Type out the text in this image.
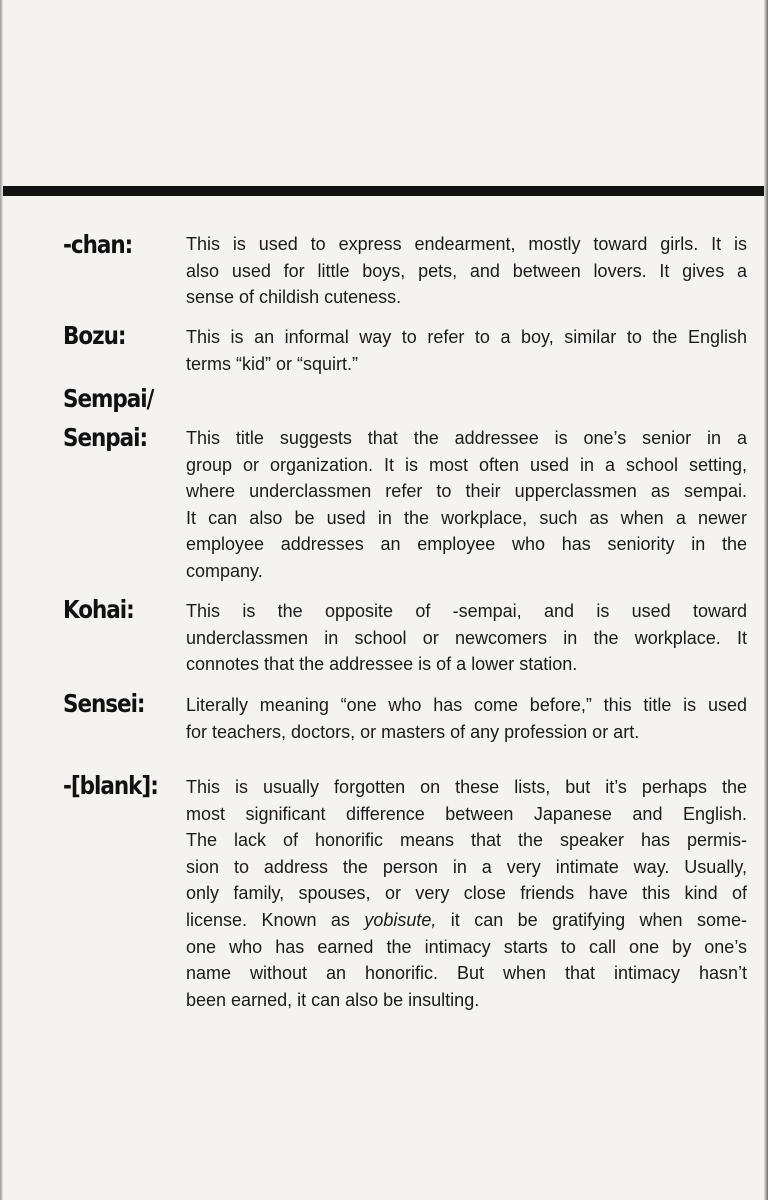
-chan:	This is used to express endearment, mostly toward girls. It is
also used for little boys, pets, and between lovers. It gives a
sense of childish cuteness.
Bozu:	This is an informal way to refer to a boy, similar to the English
terms “kid” or “squirt.”
Sempai/
Senpai: This title suggests that the addressee is one’s senior in a
group or organization. It is most often used in a school setting,
where underclassmen refer to their upperclassmen as sempai.
It can also be used in the workplace, such as when a newer
employee addresses an employee who has seniority in the
company.
Kohai:	This is the opposite of -sempai, and is used toward
underclassmen in school or newcomers in the workplace. It
connotes that the addressee is of a lower station.
Sensei: Literally meaning “one who has come before,” this title is used
for teachers, doctors, or masters of any profession or art.
-[blank]: This is usually forgotten on these lists, but it’s perhaps the
most significant difference between Japanese and English.
The lack of honorific means that the speaker has permis-
sion to address the person in a very intimate way. Usually,
only family, spouses, or very close friends have this kind of
license. Known as yobisute, it can be gratifying when some-
one who has earned the intimacy starts to call one by one’s
name without an honorific. But when that intimacy hasn’t
been earned, it can also be insulting.
